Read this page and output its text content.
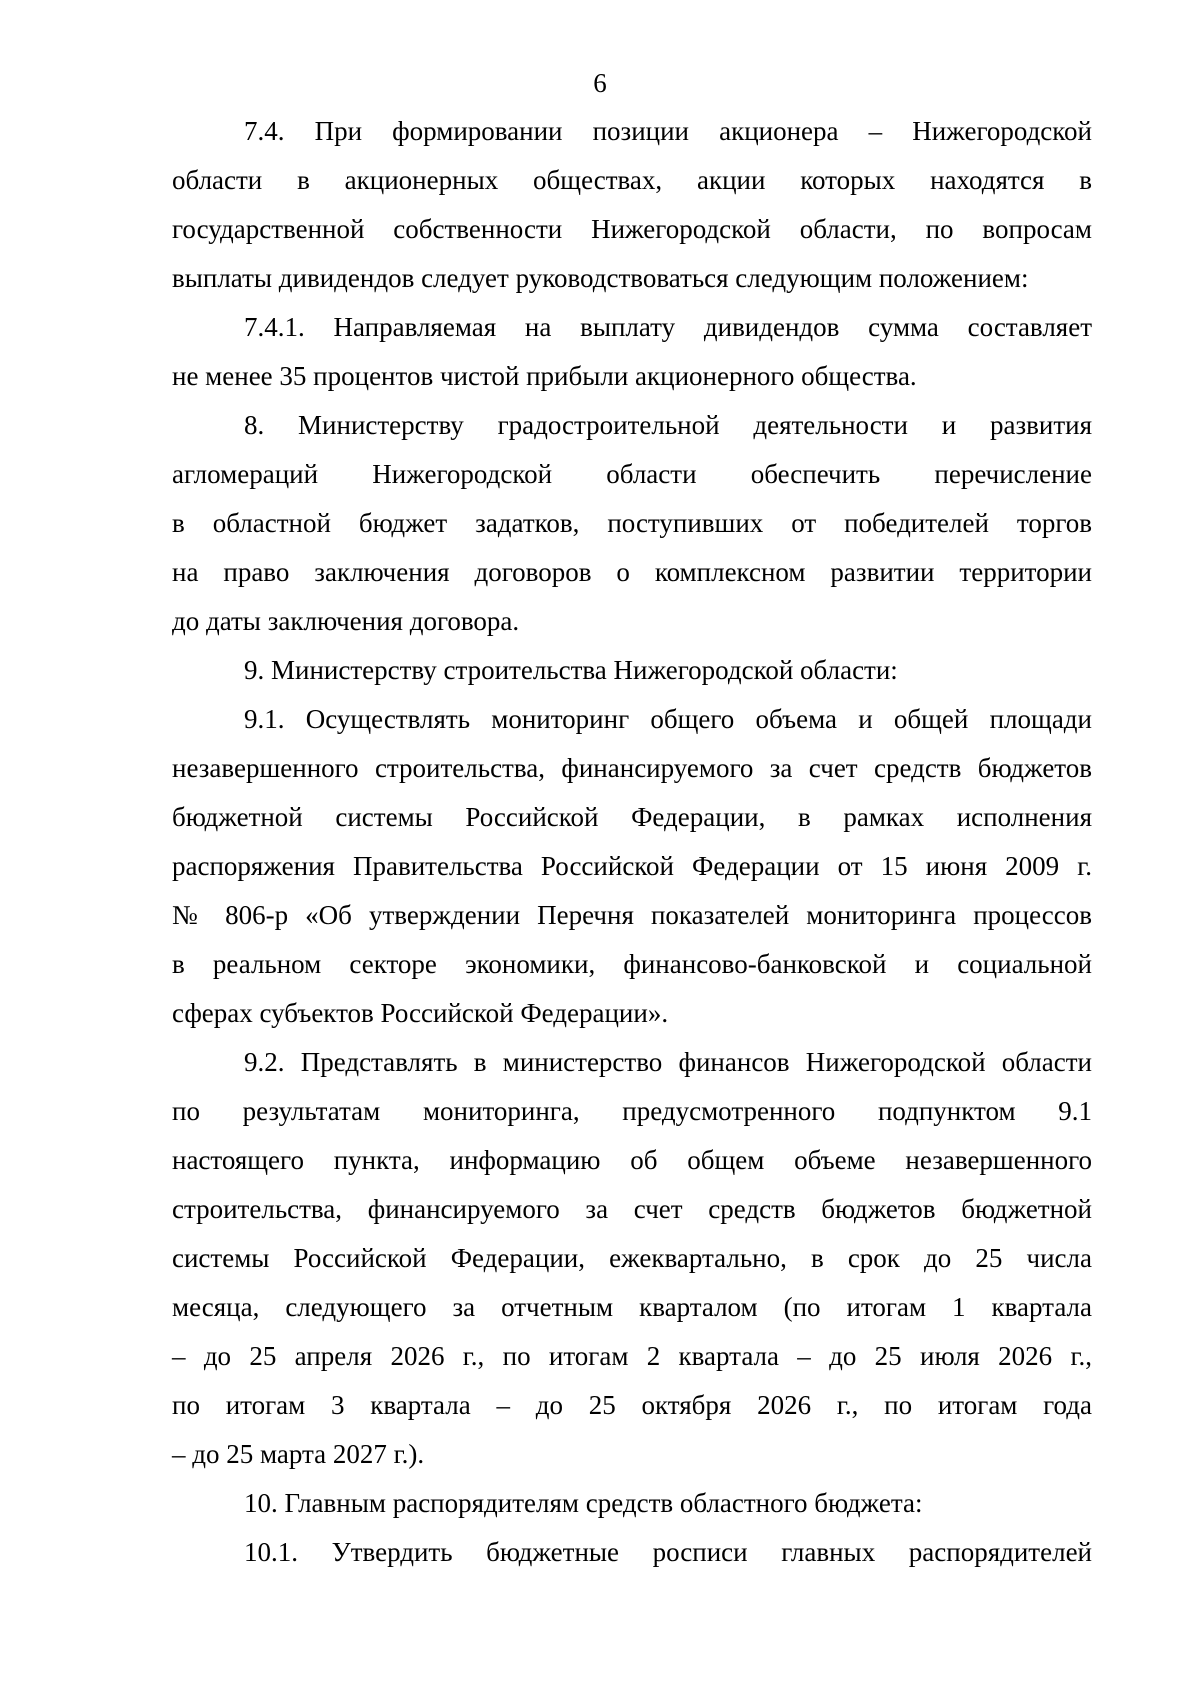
6
7.4. При формировании позиции акционера – Нижегородской
области в акционерных обществах, акции которых находятся в
государственной собственности Нижегородской области, по вопросам
выплаты дивидендов следует руководствоваться следующим положением:
7.4.1. Направляемая на выплату дивидендов сумма составляет
не менее 35 процентов чистой прибыли акционерного общества.
8. Министерству градостроительной деятельности и развития
агломераций Нижегородской области обеспечить перечисление
в областной бюджет задатков, поступивших от победителей торгов
на право заключения договоров о комплексном развитии территории
до даты заключения договора.
9. Министерству строительства Нижегородской области:
9.1. Осуществлять мониторинг общего объема и общей площади
незавершенного строительства, финансируемого за счет средств бюджетов
бюджетной системы Российской Федерации, в рамках исполнения
распоряжения Правительства Российской Федерации от 15 июня 2009 г.
№ 806-р «Об утверждении Перечня показателей мониторинга процессов
в реальном секторе экономики, финансово-банковской и социальной
сферах субъектов Российской Федерации».
9.2. Представлять в министерство финансов Нижегородской области
по результатам мониторинга, предусмотренного подпунктом 9.1
настоящего пункта, информацию об общем объеме незавершенного
строительства, финансируемого за счет средств бюджетов бюджетной
системы Российской Федерации, ежеквартально, в срок до 25 числа
месяца, следующего за отчетным кварталом (по итогам 1 квартала
– до 25 апреля 2026 г., по итогам 2 квартала – до 25 июля 2026 г.,
по итогам 3 квартала – до 25 октября 2026 г., по итогам года
– до 25 марта 2027 г.).
10. Главным распорядителям средств областного бюджета:
10.1. Утвердить бюджетные росписи главных распорядителей
